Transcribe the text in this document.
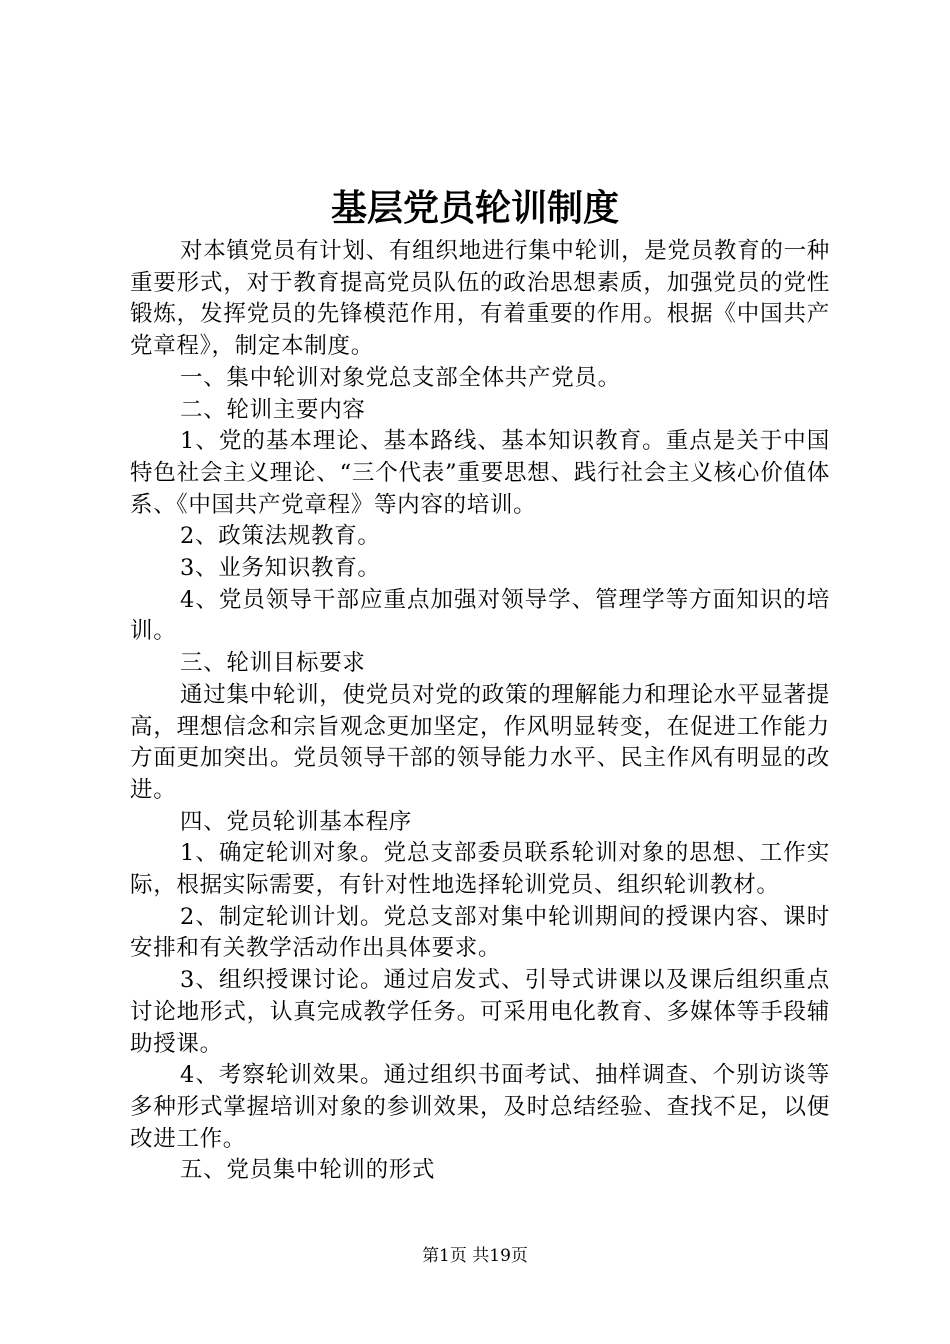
基层党员轮训制度

对本镇党员有计划、有组织地进行集中轮训，是党员教育的一种重要形式，对于教育提高党员队伍的政治思想素质，加强党员的党性锻炼，发挥党员的先锋模范作用，有着重要的作用。根据《中国共产党章程》，制定本制度。

一、集中轮训对象党总支部全体共产党员。

二、轮训主要内容

1、党的基本理论、基本路线、基本知识教育。重点是关于中国特色社会主义理论、“三个代表”重要思想、践行社会主义核心价值体系、《中国共产党章程》等内容的培训。

2、政策法规教育。

3、业务知识教育。

4、党员领导干部应重点加强对领导学、管理学等方面知识的培训。

三、轮训目标要求

通过集中轮训，使党员对党的政策的理解能力和理论水平显著提高，理想信念和宗旨观念更加坚定，作风明显转变，在促进工作能力方面更加突出。党员领导干部的领导能力水平、民主作风有明显的改进。

四、党员轮训基本程序

1、确定轮训对象。党总支部委员联系轮训对象的思想、工作实际，根据实际需要，有针对性地选择轮训党员、组织轮训教材。

2、制定轮训计划。党总支部对集中轮训期间的授课内容、课时安排和有关教学活动作出具体要求。

3、组织授课讨论。通过启发式、引导式讲课以及课后组织重点讨论地形式，认真完成教学任务。可采用电化教育、多媒体等手段辅助授课。

4、考察轮训效果。通过组织书面考试、抽样调查、个别访谈等多种形式掌握培训对象的参训效果，及时总结经验、查找不足，以便改进工作。

五、党员集中轮训的形式

第1页 共19页
